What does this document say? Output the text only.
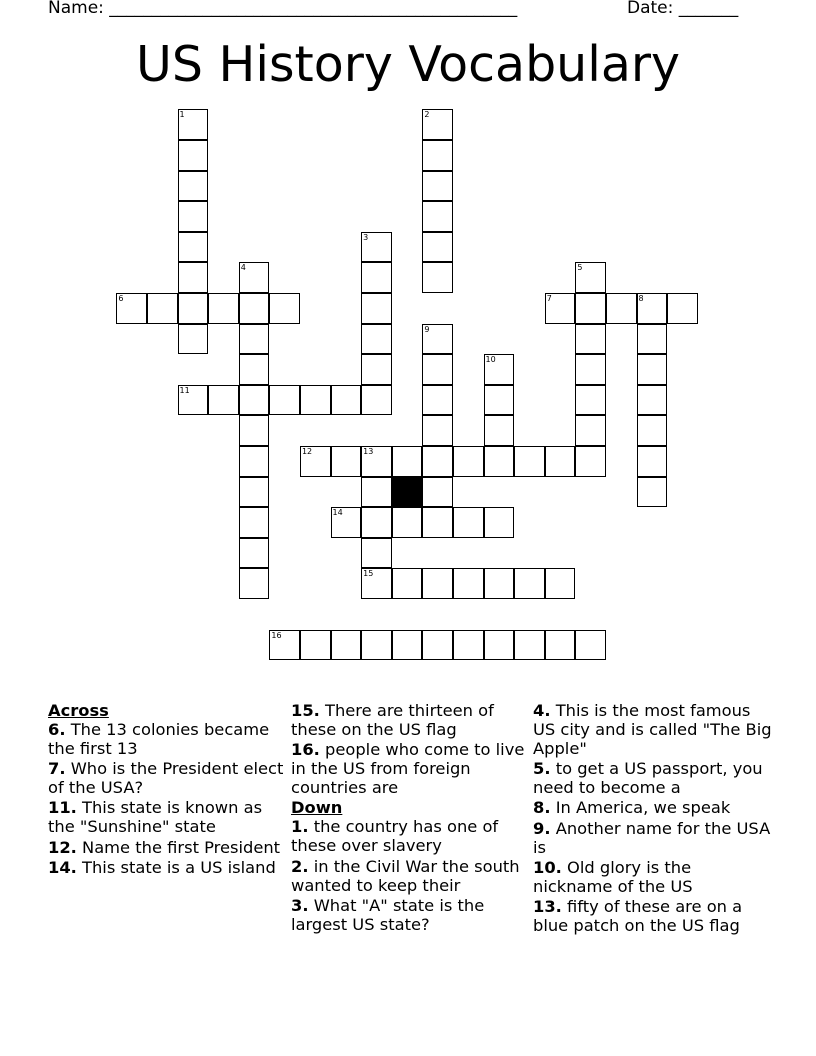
Name: ________________________________________________	Date: _______
US History Vocabulary
1	2
3
4	5
6	7	8
9
10
11
12	13
14
15
16
Across
6. The 13 colonies became the first 13
7. Who is the President elect of the USA?
11. This state is known as the "Sunshine" state
12. Name the first President
14. This state is a US island
15. There are thirteen of these on the US flag
16. people who come to live in the US from foreign countries are
Down
1. the country has one of these over slavery
2. in the Civil War the south wanted to keep their
3. What "A" state is the largest US state?
4. This is the most famous US city and is called "The Big Apple"
5. to get a US passport, you need to become a
8. In America, we speak
9. Another name for the USA is
10. Old glory is the nickname of the US
13. fifty of these are on a blue patch on the US flag
